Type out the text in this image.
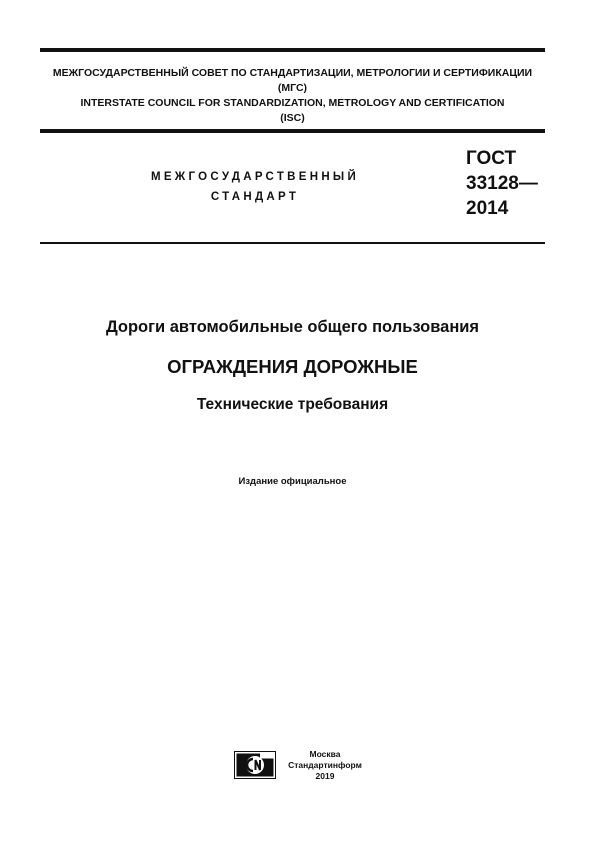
МЕЖГОСУДАРСТВЕННЫЙ СОВЕТ ПО СТАНДАРТИЗАЦИИ, МЕТРОЛОГИИ И СЕРТИФИКАЦИИ
(МГС)
INTERSTATE COUNCIL FOR STANDARDIZATION, METROLOGY AND CERTIFICATION
(ISC)
МЕЖГОСУДАРСТВЕННЫЙ
СТАНДАРТ
ГОСТ
33128—
2014
Дороги автомобильные общего пользования
ОГРАЖДЕНИЯ ДОРОЖНЫЕ
Технические требования
Издание официальное
Москва
Стандартинформ
2019
